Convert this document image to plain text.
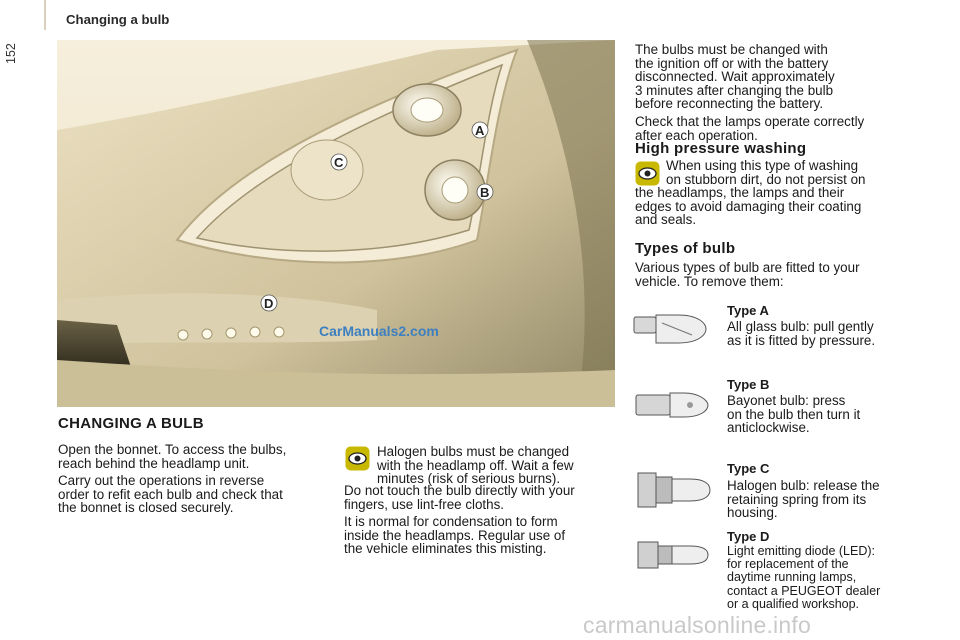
Changing a bulb
152
A
B
C
D
CarManuals2.com
CHANGING A BULB
Open the bonnet. To access the bulbs,
reach behind the headlamp unit.
Carry out the operations in reverse
order to refit each bulb and check that
the bonnet is closed securely.
Halogen bulbs must be changed
with the headlamp off. Wait a few
minutes (risk of serious burns).
Do not touch the bulb directly with your
fingers, use lint-free cloths.
It is normal for condensation to form
inside the headlamps. Regular use of
the vehicle eliminates this misting.
The bulbs must be changed with
the ignition off or with the battery
disconnected. Wait approximately
3 minutes after changing the bulb
before reconnecting the battery.
Check that the lamps operate correctly
after each operation.
High pressure washing
When using this type of washing
on stubborn dirt, do not persist on
the headlamps, the lamps and their
edges to avoid damaging their coating
and seals.
Types of bulb
Various types of bulb are fitted to your
vehicle. To remove them:
Type A
All glass bulb: pull gently
as it is fitted by pressure.
Type B
Bayonet bulb: press
on the bulb then turn it
anticlockwise.
Type C
Halogen bulb: release the
retaining spring from its
housing.
Type D
Light emitting diode (LED):
for replacement of the
daytime running lamps,
contact a PEUGEOT dealer
or a qualified workshop.
carmanualsonline.info
